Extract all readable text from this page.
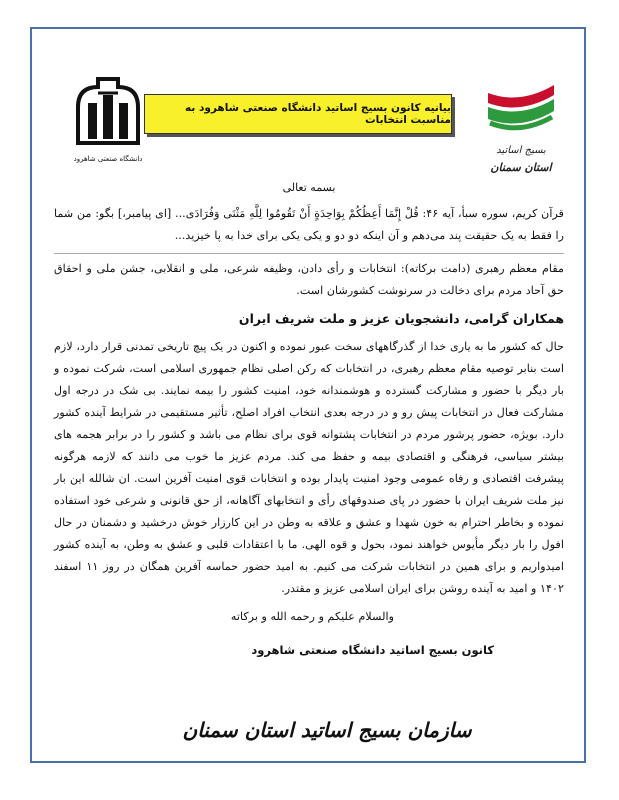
بسیج اساتید
استان سمنان
بیانیه کانون بسیج اساتید دانشگاه صنعتی شاهرود به مناسبت انتخابات
دانشگاه صنعتی شاهرود

بسمه تعالی

قرآن کریم، سوره سبأ، آیه ۴۶: قُلْ إِنَّمَا أَعِظُكُمْ بِوَاحِدَةٍ أَنْ تَقُومُوا لِلَّهِ مَثْنَى وَفُرَادَى... [ای پیامبر،] بگو: من شما را فقط به یک حقیقت پند می‌دهم و آن اینکه دو دو و یکی یکی برای خدا به پا خیزید...

مقام معظم رهبری (دامت برکاته): انتخابات و رأی دادن، وظیفه شرعی، ملی و انقلابی، جشن ملی و احقاق حق آحاد مردم برای دخالت در سرنوشت کشورشان است.

همکاران گرامی، دانشجویان عزیز و ملت شریف ایران

حال که کشور ما به یاری خدا از گذرگاههای سخت عبور نموده و اکنون در یک پیچ تاریخی تمدنی قرار دارد، لازم است بنابر توصیه مقام معظم رهبری، در انتخابات که رکن اصلی نظام جمهوری اسلامی است، شرکت نموده و بار دیگر با حضور و مشارکت گسترده و هوشمندانه خود، امنیت کشور را بیمه نمایند. بی شک در درجه اول مشارکت فعال در انتخابات پیش رو و در درجه بعدی انتخاب افراد اصلح، تأثیر مستقیمی در شرایط آینده کشور دارد. بویژه، حضور پرشور مردم در انتخابات پشتوانه قوی برای نظام می باشد و کشور را در برابر هجمه های بیشتر سیاسی، فرهنگی و اقتصادی بیمه و حفظ می کند. مردم عزیز ما خوب می دانند که لازمه هرگونه پیشرفت اقتصادی و رفاه عمومی وجود امنیت پایدار بوده و انتخابات قوی امنیت آفرین است. ان شالله این بار نیز ملت شریف ایران با حضور در پای صندوقهای رأی و انتخابهای آگاهانه، از حق قانونی و شرعی خود استفاده نموده و بخاطر احترام به خون شهدا و عشق و علاقه به وطن در این کارزار خوش درخشید و دشمنان در حال افول را بار دیگر مأیوس خواهند نمود، بحول و قوه الهی. ما با اعتقادات قلبی و عشق به وطن، به آینده کشور امیدواریم و برای همین در انتخابات شرکت می کنیم. به امید حضور حماسه آفرین همگان در روز ۱۱ اسفند ۱۴۰۲ و امید به آینده روشن برای ایران اسلامی عزیز و مقتدر.

والسلام علیکم و رحمه الله و برکاته

کانون بسیج اساتید دانشگاه صنعتی شاهرود

سازمان بسیج اساتید استان سمنان
